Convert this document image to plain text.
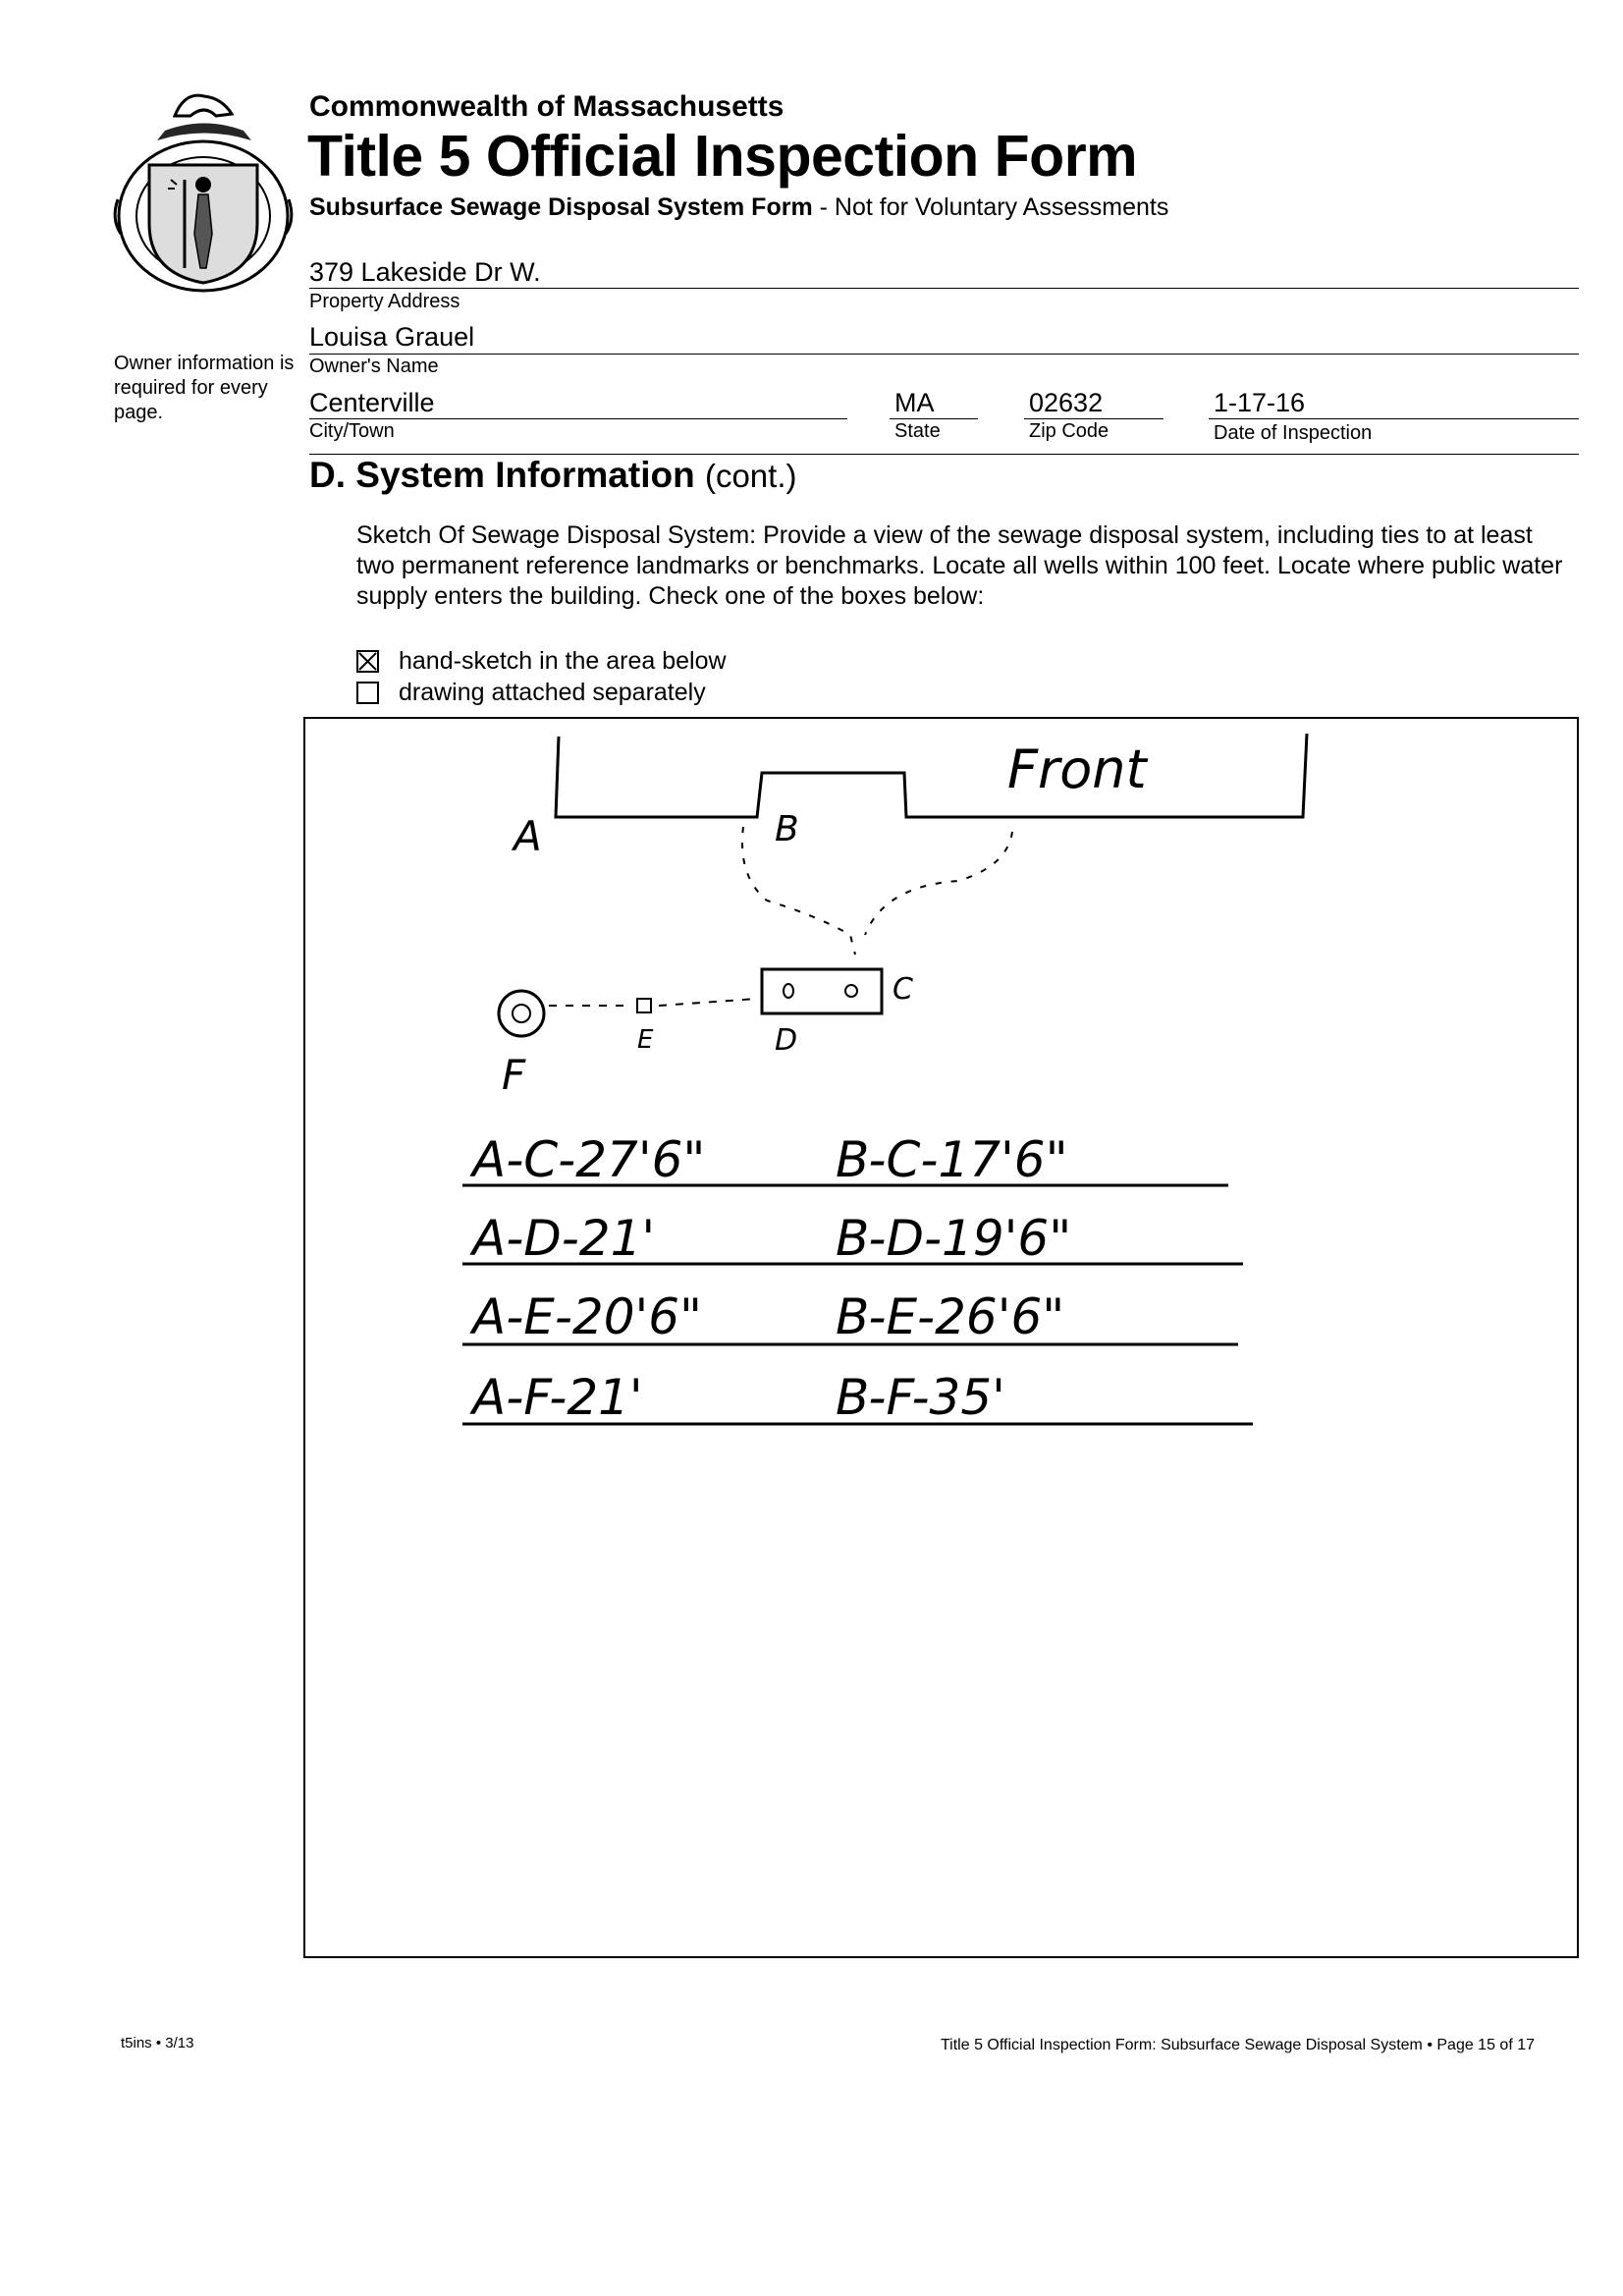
Owner information is required for every page.
Commonwealth of Massachusetts
Title 5 Official Inspection Form
Subsurface Sewage Disposal System Form - Not for Voluntary Assessments
379 Lakeside Dr W.
Property Address
Louisa Grauel
Owner's Name
Centerville
City/Town
MA
State
02632
Zip Code
1-17-16
Date of Inspection
D. System Information (cont.)
Sketch Of Sewage Disposal System: Provide a view of the sewage disposal system, including ties to at least two permanent reference landmarks or benchmarks. Locate all wells within 100 feet. Locate where public water supply enters the building. Check one of the boxes below:
hand-sketch in the area below
drawing attached separately
Front
A	B
C
D
E
F
A-C-27'6"	B-C-17'6"
A-D-21'	B-D-19'6"
A-E-20'6"	B-E-26'6"
A-F-21'	B-F-35'
t5ins • 3/13	Title 5 Official Inspection Form: Subsurface Sewage Disposal System • Page 15 of 17
